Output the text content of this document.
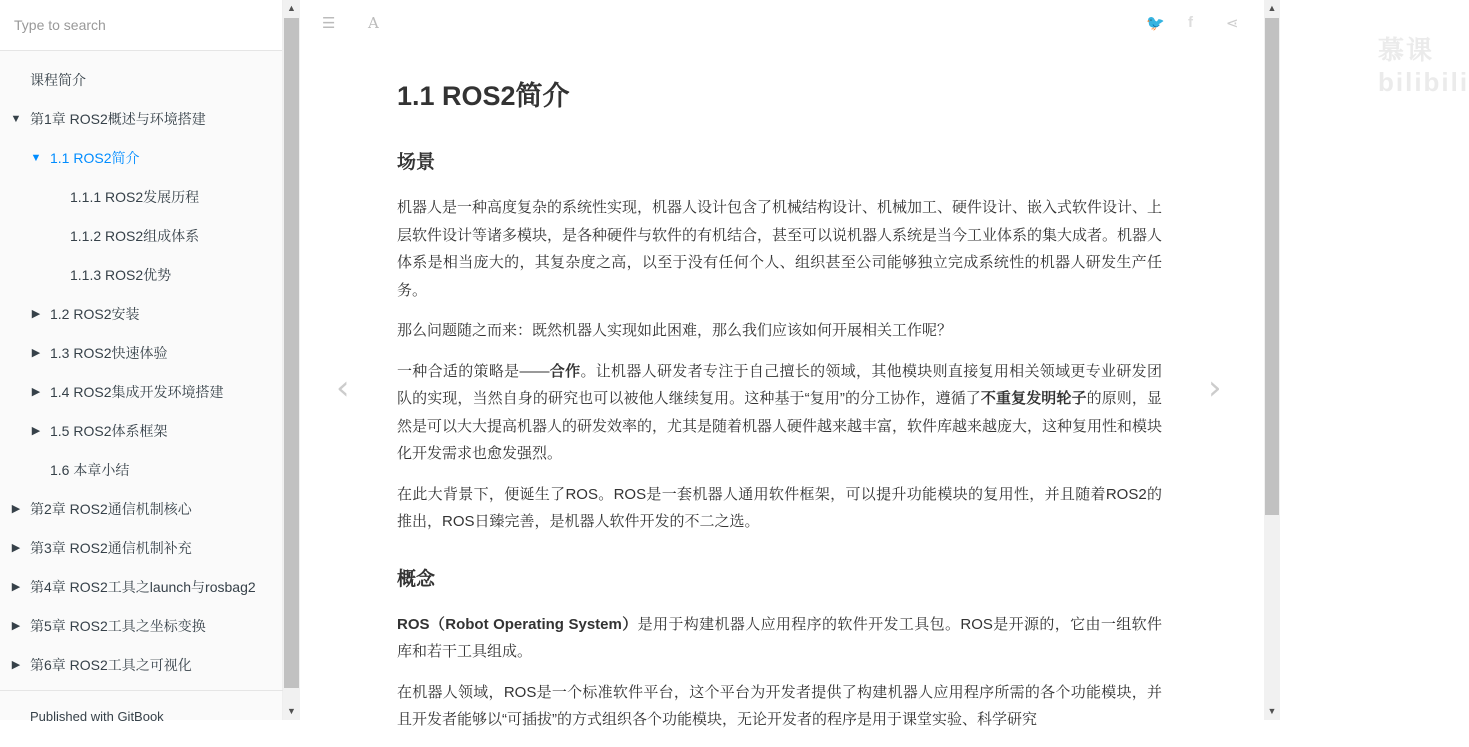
Type to search
课程简介
▼ 第1章 ROS2概述与环境搭建
▼ 1.1 ROS2简介
1.1.1 ROS2发展历程
1.1.2 ROS2组成体系
1.1.3 ROS2优势
▶ 1.2 ROS2安装
▶ 1.3 ROS2快速体验
▶ 1.4 ROS2集成开发环境搭建
▶ 1.5 ROS2体系框架
1.6 本章小结
▶ 第2章 ROS2通信机制核心
▶ 第3章 ROS2通信机制补充
▶ 第4章 ROS2工具之launch与rosbag2
▶ 第5章 ROS2工具之坐标变换
▶ 第6章 ROS2工具之可视化
Published with GitBook
▲
▼
☰ A	🐦 f ⋖
慕课 bilibili
‹	›
1.1 ROS2简介
场景

机器人是一种高度复杂的系统性实现，机器人设计包含了机械结构设计、机械加工、硬件设计、嵌入式软件设计、上层软件设计等诸多模块，是各种硬件与软件的有机结合，甚至可以说机器人系统是当今工业体系的集大成者。机器人体系是相当庞大的，其复杂度之高，以至于没有任何个人、组织甚至公司能够独立完成系统性的机器人研发生产任务。

那么问题随之而来：既然机器人实现如此困难，那么我们应该如何开展相关工作呢？

一种合适的策略是——合作。让机器人研发者专注于自己擅长的领域，其他模块则直接复用相关领域更专业研发团队的实现，当然自身的研究也可以被他人继续复用。这种基于“复用”的分工协作，遵循了不重复发明轮子的原则，显然是可以大大提高机器人的研发效率的，尤其是随着机器人硬件越来越丰富，软件库越来越庞大，这种复用性和模块化开发需求也愈发强烈。

在此大背景下，便诞生了ROS。ROS是一套机器人通用软件框架，可以提升功能模块的复用性，并且随着ROS2的推出，ROS日臻完善，是机器人软件开发的不二之选。

概念

ROS（Robot Operating System）是用于构建机器人应用程序的软件开发工具包。ROS是开源的，它由一组软件库和若干工具组成。

在机器人领域，ROS是一个标准软件平台，这个平台为开发者提供了构建机器人应用程序所需的各个功能模块，并且开发者能够以“可插拔”的方式组织各个功能模块，无论开发者的程序是用于课堂实验、科学研究

▲
▼
